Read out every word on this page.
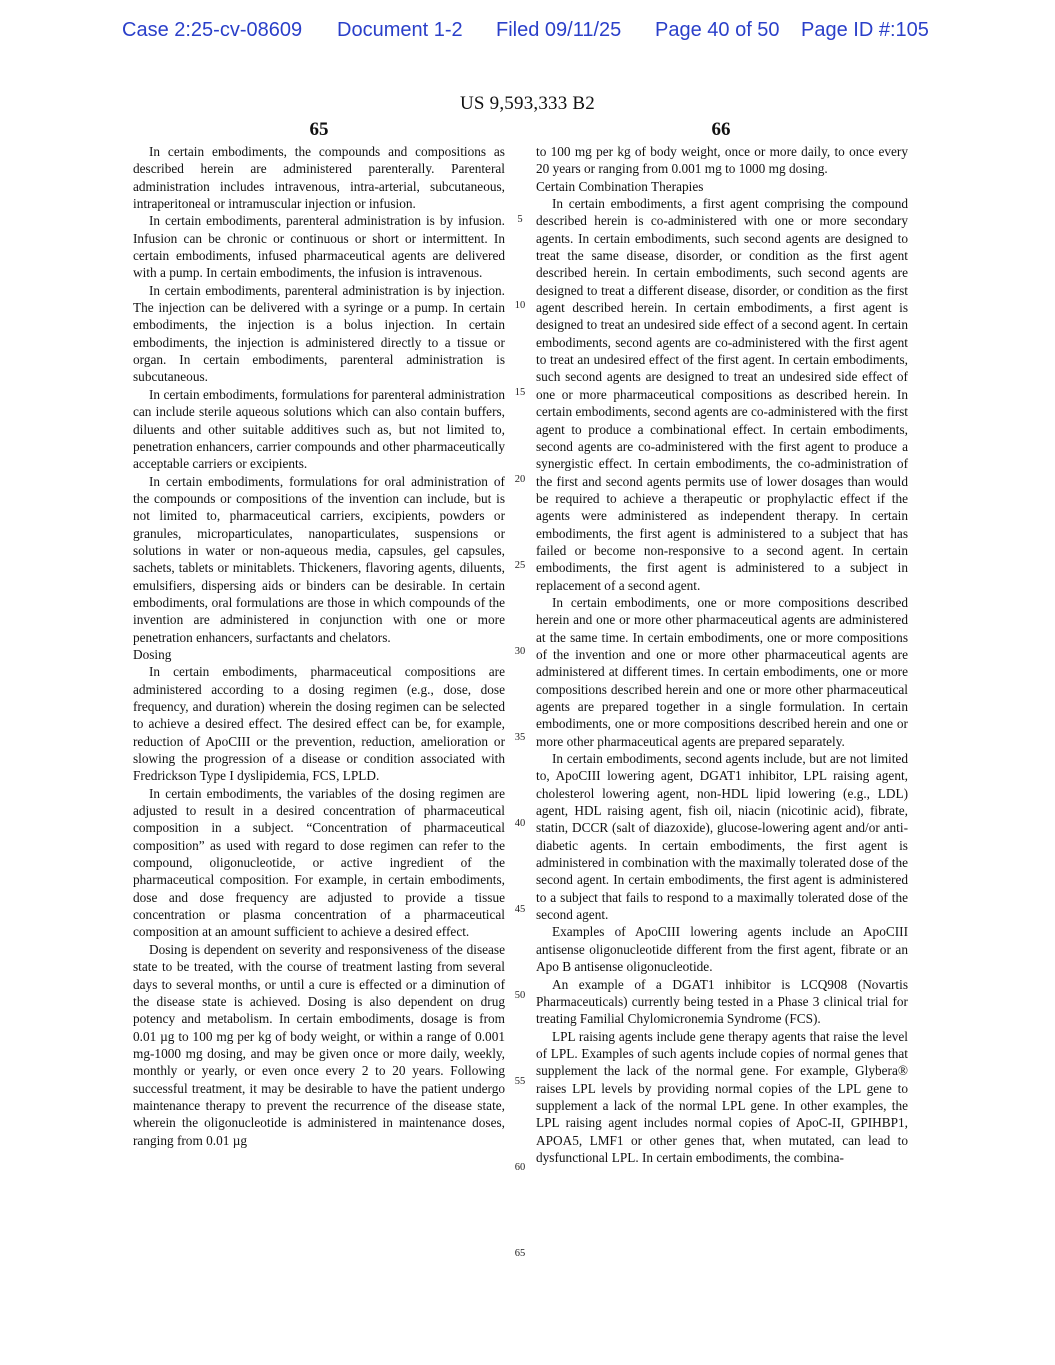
Case 2:25-cv-08609 Document 1-2 Filed 09/11/25 Page 40 of 50 Page ID #:105
US 9,593,333 B2
65	66

In certain embodiments, the compounds and compositions as described herein are administered parenterally. Parenteral administration includes intravenous, intra-arterial, subcutaneous, intraperitoneal or intramuscular injection or infusion.

In certain embodiments, parenteral administration is by infusion. Infusion can be chronic or continuous or short or intermittent. In certain embodiments, infused pharmaceutical agents are delivered with a pump. In certain embodiments, the infusion is intravenous.

In certain embodiments, parenteral administration is by injection. The injection can be delivered with a syringe or a pump. In certain embodiments, the injection is a bolus injection. In certain embodiments, the injection is administered directly to a tissue or organ. In certain embodiments, parenteral administration is subcutaneous.

In certain embodiments, formulations for parenteral administration can include sterile aqueous solutions which can also contain buffers, diluents and other suitable additives such as, but not limited to, penetration enhancers, carrier compounds and other pharmaceutically acceptable carriers or excipients.

In certain embodiments, formulations for oral administration of the compounds or compositions of the invention can include, but is not limited to, pharmaceutical carriers, excipients, powders or granules, microparticulates, nanoparticulates, suspensions or solutions in water or non-aqueous media, capsules, gel capsules, sachets, tablets or minitablets. Thickeners, flavoring agents, diluents, emulsifiers, dispersing aids or binders can be desirable. In certain embodiments, oral formulations are those in which compounds of the invention are administered in conjunction with one or more penetration enhancers, surfactants and chelators.

Dosing

In certain embodiments, pharmaceutical compositions are administered according to a dosing regimen (e.g., dose, dose frequency, and duration) wherein the dosing regimen can be selected to achieve a desired effect. The desired effect can be, for example, reduction of ApoCIII or the prevention, reduction, amelioration or slowing the progression of a disease or condition associated with Fredrickson Type I dyslipidemia, FCS, LPLD.

In certain embodiments, the variables of the dosing regimen are adjusted to result in a desired concentration of pharmaceutical composition in a subject. “Concentration of pharmaceutical composition” as used with regard to dose regimen can refer to the compound, oligonucleotide, or active ingredient of the pharmaceutical composition. For example, in certain embodiments, dose and dose frequency are adjusted to provide a tissue concentration or plasma concentration of a pharmaceutical composition at an amount sufficient to achieve a desired effect.

Dosing is dependent on severity and responsiveness of the disease state to be treated, with the course of treatment lasting from several days to several months, or until a cure is effected or a diminution of the disease state is achieved. Dosing is also dependent on drug potency and metabolism. In certain embodiments, dosage is from 0.01 µg to 100 mg per kg of body weight, or within a range of 0.001 mg-1000 mg dosing, and may be given once or more daily, weekly, monthly or yearly, or even once every 2 to 20 years. Following successful treatment, it may be desirable to have the patient undergo maintenance therapy to prevent the recurrence of the disease state, wherein the oligonucleotide is administered in maintenance doses, ranging from 0.01 µg

to 100 mg per kg of body weight, once or more daily, to once every 20 years or ranging from 0.001 mg to 1000 mg dosing.

Certain Combination Therapies

In certain embodiments, a first agent comprising the compound described herein is co-administered with one or more secondary agents. In certain embodiments, such second agents are designed to treat the same disease, disorder, or condition as the first agent described herein. In certain embodiments, such second agents are designed to treat a different disease, disorder, or condition as the first agent described herein. In certain embodiments, a first agent is designed to treat an undesired side effect of a second agent. In certain embodiments, second agents are co-administered with the first agent to treat an undesired effect of the first agent. In certain embodiments, such second agents are designed to treat an undesired side effect of one or more pharmaceutical compositions as described herein. In certain embodiments, second agents are co-administered with the first agent to produce a combinational effect. In certain embodiments, second agents are co-administered with the first agent to produce a synergistic effect. In certain embodiments, the co-administration of the first and second agents permits use of lower dosages than would be required to achieve a therapeutic or prophylactic effect if the agents were administered as independent therapy. In certain embodiments, the first agent is administered to a subject that has failed or become non-responsive to a second agent. In certain embodiments, the first agent is administered to a subject in replacement of a second agent.

In certain embodiments, one or more compositions described herein and one or more other pharmaceutical agents are administered at the same time. In certain embodiments, one or more compositions of the invention and one or more other pharmaceutical agents are administered at different times. In certain embodiments, one or more compositions described herein and one or more other pharmaceutical agents are prepared together in a single formulation. In certain embodiments, one or more compositions described herein and one or more other pharmaceutical agents are prepared separately.

In certain embodiments, second agents include, but are not limited to, ApoCIII lowering agent, DGAT1 inhibitor, LPL raising agent, cholesterol lowering agent, non-HDL lipid lowering (e.g., LDL) agent, HDL raising agent, fish oil, niacin (nicotinic acid), fibrate, statin, DCCR (salt of diazoxide), glucose-lowering agent and/or anti-diabetic agents. In certain embodiments, the first agent is administered in combination with the maximally tolerated dose of the second agent. In certain embodiments, the first agent is administered to a subject that fails to respond to a maximally tolerated dose of the second agent.

Examples of ApoCIII lowering agents include an ApoCIII antisense oligonucleotide different from the first agent, fibrate or an Apo B antisense oligonucleotide.

An example of a DGAT1 inhibitor is LCQ908 (Novartis Pharmaceuticals) currently being tested in a Phase 3 clinical trial for treating Familial Chylomicronemia Syndrome (FCS).

LPL raising agents include gene therapy agents that raise the level of LPL. Examples of such agents include copies of normal genes that supplement the lack of the normal gene. For example, Glybera® raises LPL levels by providing normal copies of the LPL gene to supplement a lack of the normal LPL gene. In other examples, the LPL raising agent includes normal copies of ApoC-II, GPIHBP1, APOA5, LMF1 or other genes that, when mutated, can lead to dysfunctional LPL. In certain embodiments, the combina-

5
10
15
20
25
30
35
40
45
50
55
60
65
